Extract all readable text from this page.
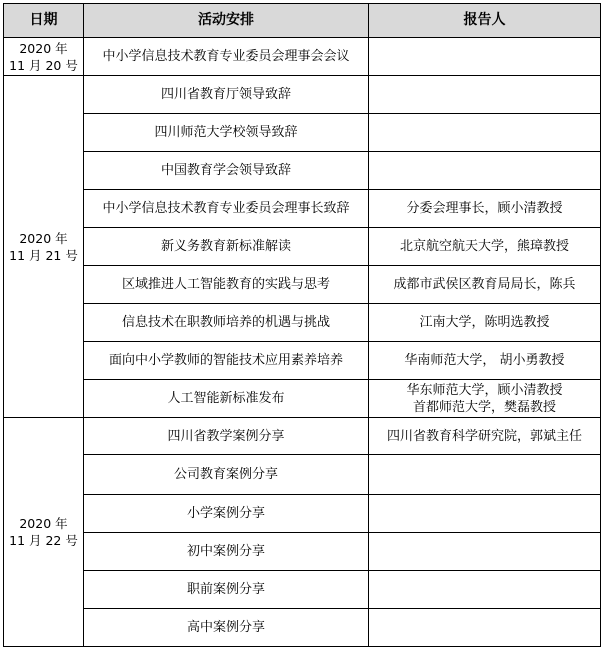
日期	活动安排	报告人
2020 年
11 月 20 号	中小学信息技术教育专业委员会理事会会议	
2020 年
11 月 21 号	四川省教育厅领导致辞	
	四川师范大学校领导致辞	
	中国教育学会领导致辞	
	中小学信息技术教育专业委员会理事长致辞	分委会理事长，顾小清教授
	新义务教育新标准解读	北京航空航天大学，熊璋教授
	区域推进人工智能教育的实践与思考	成都市武侯区教育局局长，陈兵
	信息技术在职教师培养的机遇与挑战	江南大学，陈明选教授
	面向中小学教师的智能技术应用素养培养	华南师范大学， 胡小勇教授
	人工智能新标准发布	华东师范大学，顾小清教授
首都师范大学，樊磊教授
2020 年
11 月 22 号	四川省教学案例分享	四川省教育科学研究院，郭斌主任
	公司教育案例分享	
	小学案例分享	
	初中案例分享	
	职前案例分享	
	高中案例分享	
